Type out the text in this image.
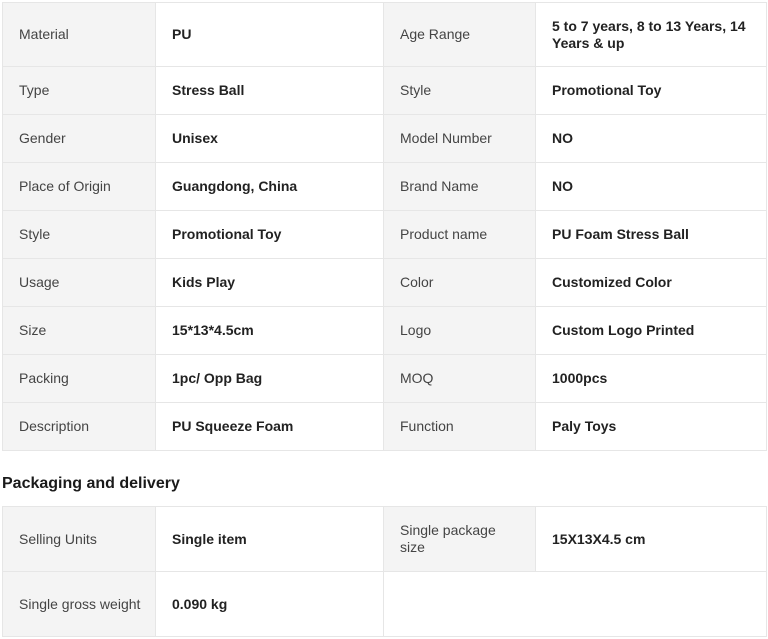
Material	PU	Age Range	5 to 7 years, 8 to 13 Years, 14 Years & up
Type	Stress Ball	Style	Promotional Toy
Gender	Unisex	Model Number	NO
Place of Origin	Guangdong, China	Brand Name	NO
Style	Promotional Toy	Product name	PU Foam Stress Ball
Usage	Kids Play	Color	Customized Color
Size	15*13*4.5cm	Logo	Custom Logo Printed
Packing	1pc/ Opp Bag	MOQ	1000pcs
Description	PU Squeeze Foam	Function	Paly Toys
Packaging and delivery
Selling Units	Single item	Single package size	15X13X4.5 cm
Single gross weight	0.090 kg		
